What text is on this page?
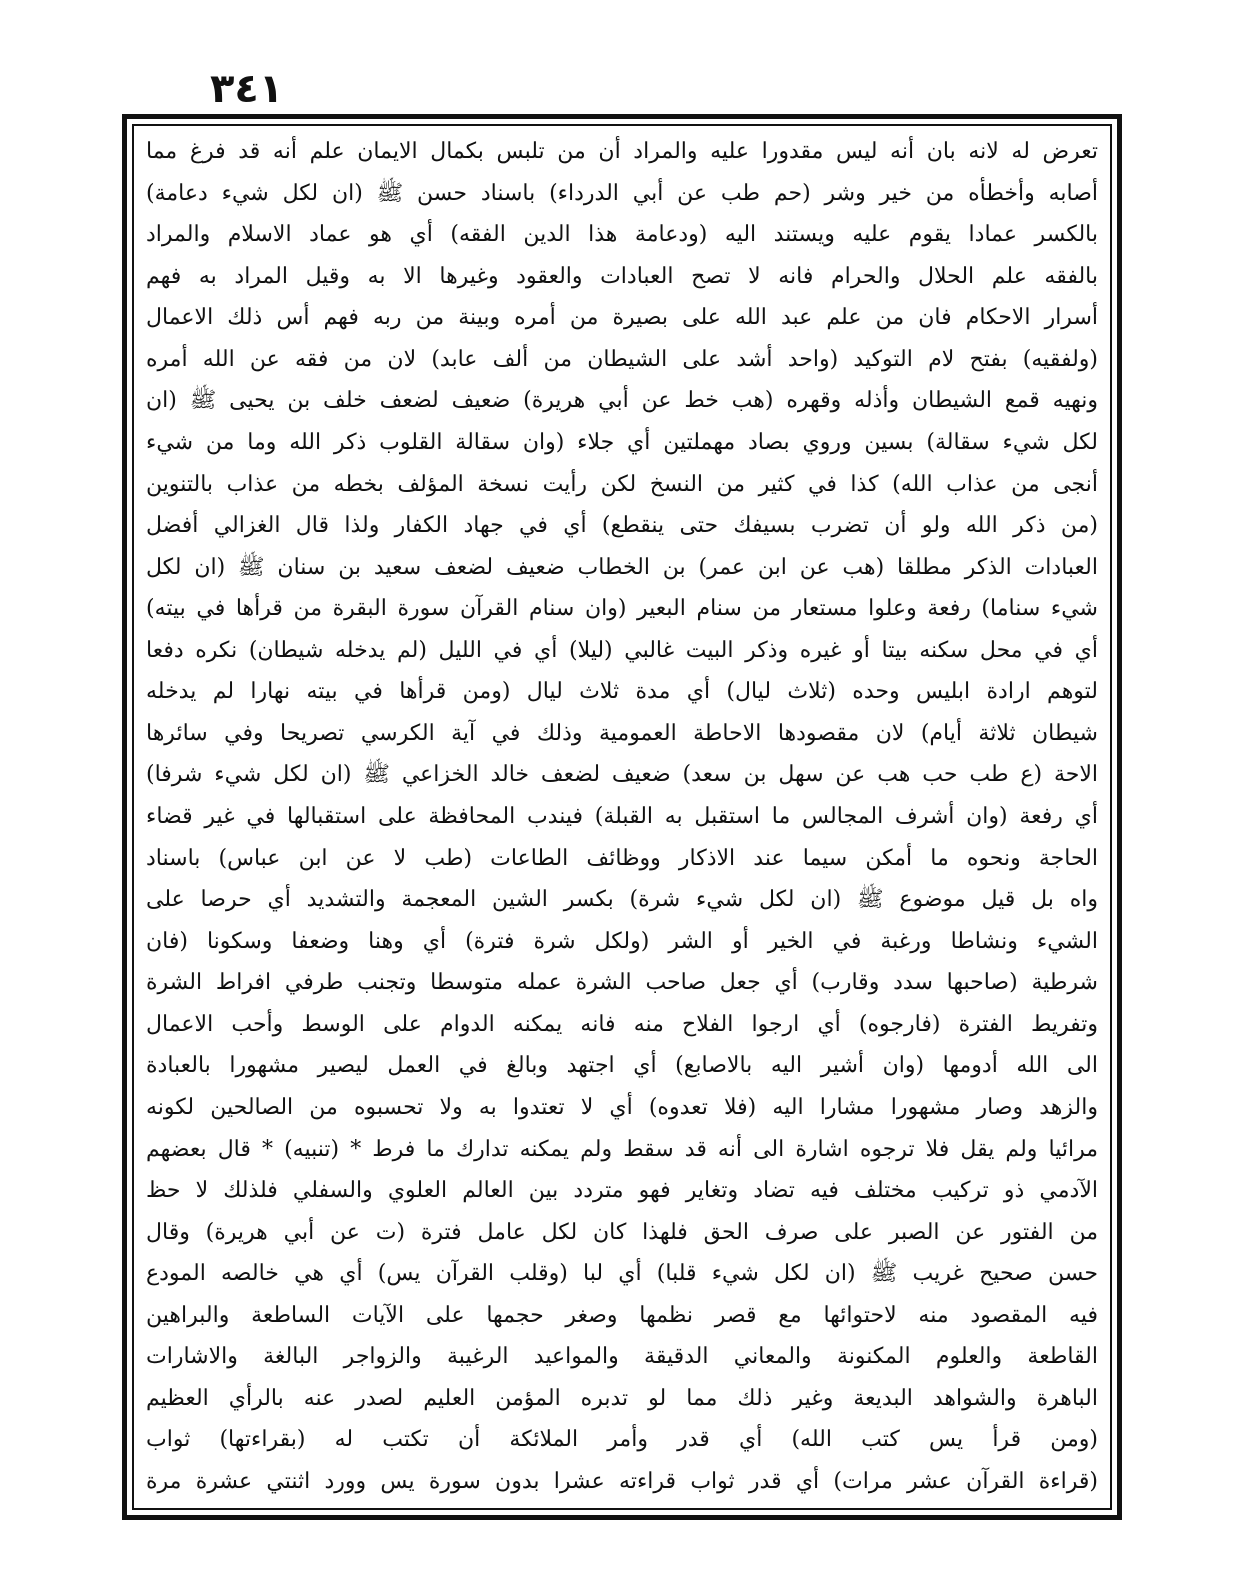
٣٤١
تعرض له لانه بان أنه ليس مقدورا عليه والمراد أن من تلبس بكمال الايمان علم أنه قد فرغ مما
أصابه وأخطأه من خير وشر (حم طب عن أبي الدرداء) باسناد حسن ﷺ (ان لكل شيء دعامة)
بالكسر عمادا يقوم عليه ويستند اليه (ودعامة هذا الدين الفقه) أي هو عماد الاسلام والمراد
بالفقه علم الحلال والحرام فانه لا تصح العبادات والعقود وغيرها الا به وقيل المراد به فهم
أسرار الاحكام فان من علم عبد الله على بصيرة من أمره وبينة من ربه فهم أس ذلك الاعمال
(ولفقيه) بفتح لام التوكيد (واحد أشد على الشيطان من ألف عابد) لان من فقه عن الله أمره
ونهيه قمع الشيطان وأذله وقهره (هب خط عن أبي هريرة) ضعيف لضعف خلف بن يحيى ﷺ (ان
لكل شيء سقالة) بسين وروي بصاد مهملتين أي جلاء (وان سقالة القلوب ذكر الله وما من شيء
أنجى من عذاب الله) كذا في كثير من النسخ لكن رأيت نسخة المؤلف بخطه من عذاب بالتنوين
(من ذكر الله ولو أن تضرب بسيفك حتى ينقطع) أي في جهاد الكفار ولذا قال الغزالي أفضل
العبادات الذكر مطلقا (هب عن ابن عمر) بن الخطاب ضعيف لضعف سعيد بن سنان ﷺ (ان لكل
شيء سناما) رفعة وعلوا مستعار من سنام البعير (وان سنام القرآن سورة البقرة من قرأها في بيته)
أي في محل سكنه بيتا أو غيره وذكر البيت غالبي (ليلا) أي في الليل (لم يدخله شيطان) نكره دفعا
لتوهم ارادة ابليس وحده (ثلاث ليال) أي مدة ثلاث ليال (ومن قرأها في بيته نهارا لم يدخله
شيطان ثلاثة أيام) لان مقصودها الاحاطة العمومية وذلك في آية الكرسي تصريحا وفي سائرها
الاحة (ع طب حب هب عن سهل بن سعد) ضعيف لضعف خالد الخزاعي ﷺ (ان لكل شيء شرفا)
أي رفعة (وان أشرف المجالس ما استقبل به القبلة) فيندب المحافظة على استقبالها في غير قضاء
الحاجة ونحوه ما أمكن سيما عند الاذكار ووظائف الطاعات (طب لا عن ابن عباس) باسناد
واه بل قيل موضوع ﷺ (ان لكل شيء شرة) بكسر الشين المعجمة والتشديد أي حرصا على
الشيء ونشاطا ورغبة في الخير أو الشر (ولكل شرة فترة) أي وهنا وضعفا وسكونا (فان
شرطية (صاحبها سدد وقارب) أي جعل صاحب الشرة عمله متوسطا وتجنب طرفي افراط الشرة
وتفريط الفترة (فارجوه) أي ارجوا الفلاح منه فانه يمكنه الدوام على الوسط وأحب الاعمال
الى الله أدومها (وان أشير اليه بالاصابع) أي اجتهد وبالغ في العمل ليصير مشهورا بالعبادة
والزهد وصار مشهورا مشارا اليه (فلا تعدوه) أي لا تعتدوا به ولا تحسبوه من الصالحين لكونه
مرائيا ولم يقل فلا ترجوه اشارة الى أنه قد سقط ولم يمكنه تدارك ما فرط * (تنبيه) * قال بعضهم
الآدمي ذو تركيب مختلف فيه تضاد وتغاير فهو متردد بين العالم العلوي والسفلي فلذلك لا حظ
من الفتور عن الصبر على صرف الحق فلهذا كان لكل عامل فترة (ت عن أبي هريرة) وقال
حسن صحيح غريب ﷺ (ان لكل شيء قلبا) أي لبا (وقلب القرآن يس) أي هي خالصه المودع
فيه المقصود منه لاحتوائها مع قصر نظمها وصغر حجمها على الآيات الساطعة والبراهين
القاطعة والعلوم المكنونة والمعاني الدقيقة والمواعيد الرغيبة والزواجر البالغة والاشارات
الباهرة والشواهد البديعة وغير ذلك مما لو تدبره المؤمن العليم لصدر عنه بالرأي العظيم
(ومن قرأ يس كتب الله) أي قدر وأمر الملائكة أن تكتب له (بقراءتها) ثواب
(قراءة القرآن عشر مرات) أي قدر ثواب قراءته عشرا بدون سورة يس وورد اثنتي عشرة مرة
